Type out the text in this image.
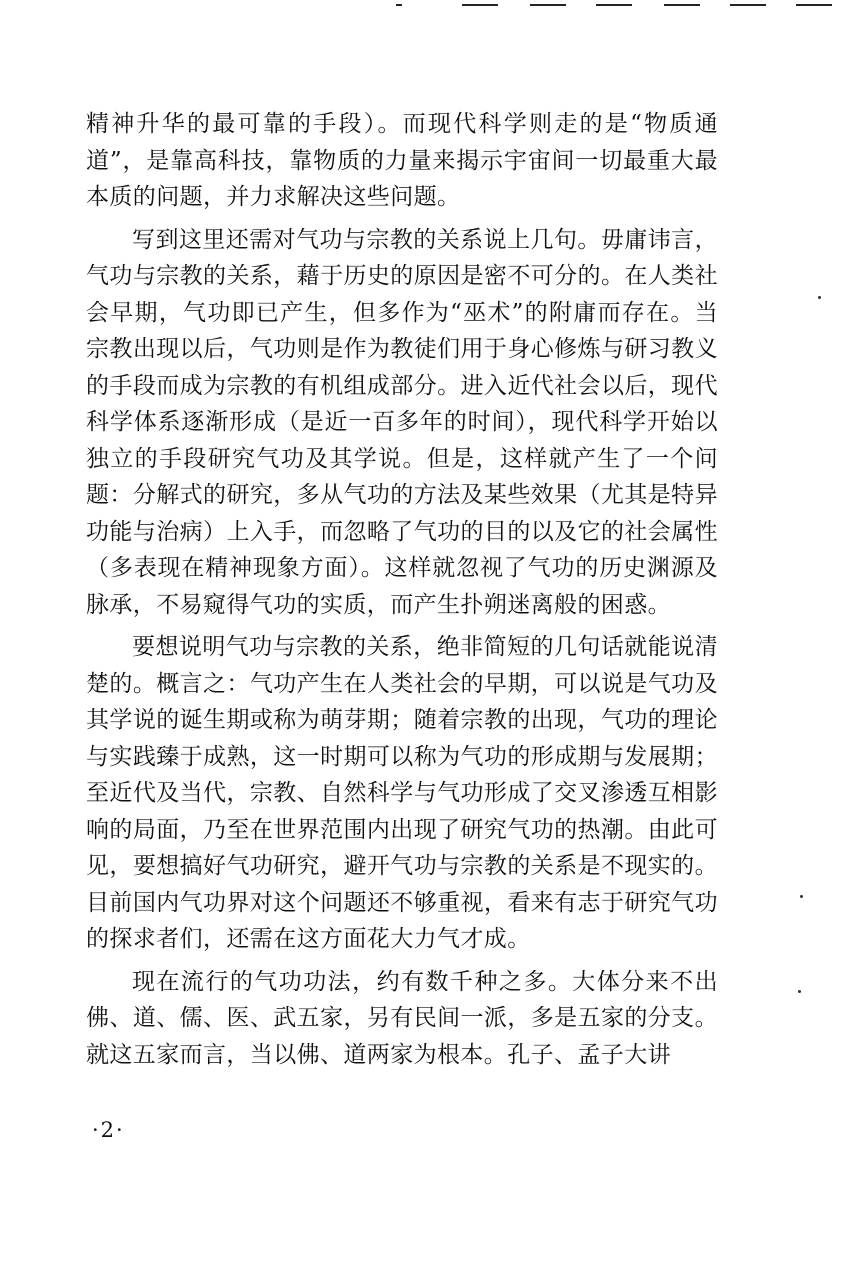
精神升华的最可靠的手段）。而现代科学则走的是“物质通道”，是靠高科技，靠物质的力量来揭示宇宙间一切最重大最本质的问题，并力求解决这些问题。

写到这里还需对气功与宗教的关系说上几句。毋庸讳言，气功与宗教的关系，藉于历史的原因是密不可分的。在人类社会早期，气功即已产生，但多作为“巫术”的附庸而存在。当宗教出现以后，气功则是作为教徒们用于身心修炼与研习教义的手段而成为宗教的有机组成部分。进入近代社会以后，现代科学体系逐渐形成（是近一百多年的时间），现代科学开始以独立的手段研究气功及其学说。但是，这样就产生了一个问题：分解式的研究，多从气功的方法及某些效果（尤其是特异功能与治病）上入手，而忽略了气功的目的以及它的社会属性（多表现在精神现象方面）。这样就忽视了气功的历史渊源及脉承，不易窥得气功的实质，而产生扑朔迷离般的困惑。

要想说明气功与宗教的关系，绝非简短的几句话就能说清楚的。概言之：气功产生在人类社会的早期，可以说是气功及其学说的诞生期或称为萌芽期；随着宗教的出现，气功的理论与实践臻于成熟，这一时期可以称为气功的形成期与发展期；至近代及当代，宗教、自然科学与气功形成了交叉渗透互相影响的局面，乃至在世界范围内出现了研究气功的热潮。由此可见，要想搞好气功研究，避开气功与宗教的关系是不现实的。目前国内气功界对这个问题还不够重视，看来有志于研究气功的探求者们，还需在这方面花大力气才成。

现在流行的气功功法，约有数千种之多。大体分来不出佛、道、儒、医、武五家，另有民间一派，多是五家的分支。就这五家而言，当以佛、道两家为根本。孔子、孟子大讲

·2·
